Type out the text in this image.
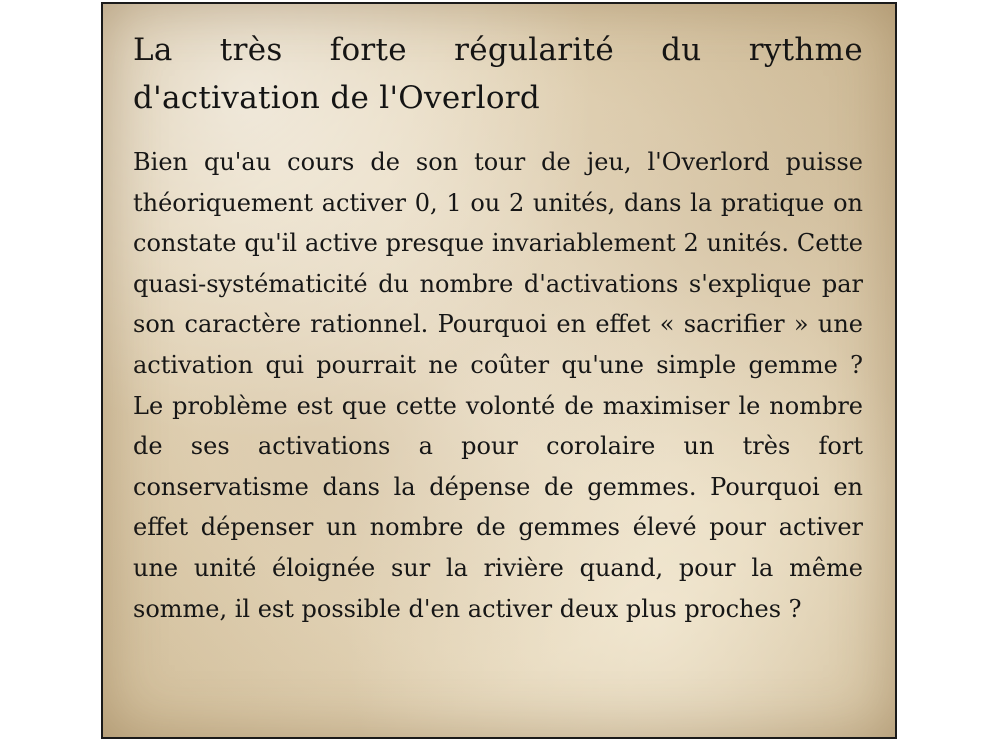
La très forte régularité du rythme d'activation de l'Overlord

Bien qu'au cours de son tour de jeu, l'Overlord puisse théoriquement activer 0, 1 ou 2 unités, dans la pratique on constate qu'il active presque invariablement 2 unités. Cette quasi-systématicité du nombre d'activations s'explique par son caractère rationnel. Pourquoi en effet « sacrifier » une activation qui pourrait ne coûter qu'une simple gemme ? Le problème est que cette volonté de maximiser le nombre de ses activations a pour corolaire un très fort conservatisme dans la dépense de gemmes. Pourquoi en effet dépenser un nombre de gemmes élevé pour activer une unité éloignée sur la rivière quand, pour la même somme, il est possible d'en activer deux plus proches ?
